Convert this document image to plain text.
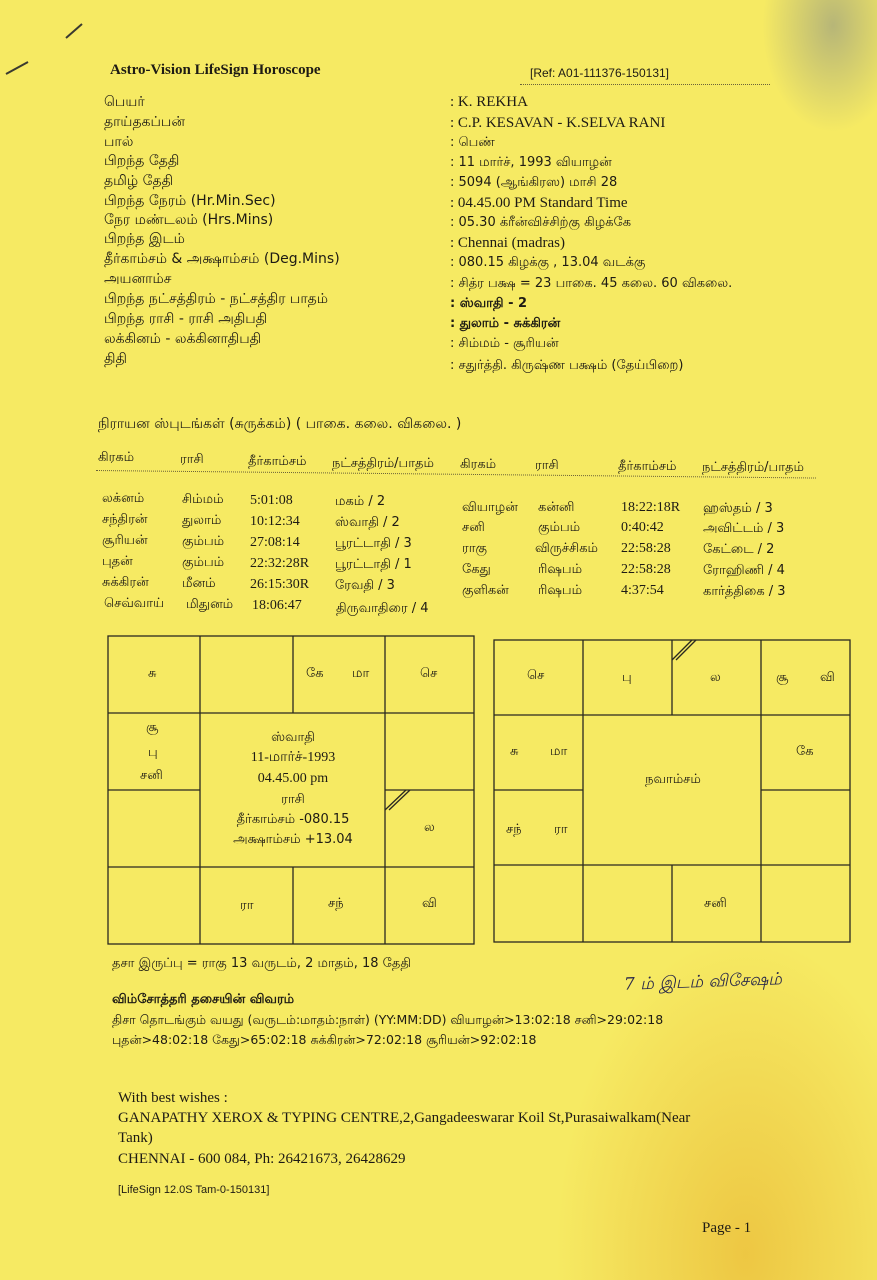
Astro-Vision LifeSign Horoscope	[Ref: A01-111376-150131]
பெயர்	: K. REKHA
தாய்தகப்பன்	: C.P. KESAVAN - K.SELVA RANI
பால்	: பெண்
பிறந்த தேதி	: 11 மார்ச், 1993 வியாழன்
தமிழ் தேதி	: 5094 (ஆங்கிரஸ) மாசி 28
பிறந்த நேரம் (Hr.Min.Sec)	: 04.45.00 PM Standard Time
நேர மண்டலம் (Hrs.Mins)	: 05.30 க்ரீன்விச்சிற்கு கிழக்கே
பிறந்த இடம்	: Chennai (madras)
தீர்காம்சம் & அக்ஷாம்சம் (Deg.Mins)	: 080.15 கிழக்கு , 13.04 வடக்கு
அயனாம்ச	: சித்ர பக்ஷ = 23 பாகை. 45 கலை. 60 விகலை.
பிறந்த நட்சத்திரம் - நட்சத்திர பாதம்	: ஸ்வாதி - 2
பிறந்த ராசி - ராசி அதிபதி	: துலாம் - சுக்கிரன்
லக்கினம் - லக்கினாதிபதி	: சிம்மம் - சூரியன்
திதி	: சதுர்த்தி. கிருஷ்ண பக்ஷம் (தேய்பிறை)
நிராயன ஸ்புடங்கள் (சுருக்கம்) ( பாகை. கலை. விகலை. )
கிரகம்	ராசி	தீர்காம்சம் நட்சத்திரம்/பாதம் கிரகம்	ராசி	தீர்காம்சம் நட்சத்திரம்/பாதம்
லக்னம்	சிம்மம் 5:01:08	மகம் / 2
சந்திரன்	துலாம் 10:12:34	ஸ்வாதி / 2
சூரியன்	கும்பம் 27:08:14	பூரட்டாதி / 3
புதன்	கும்பம் 22:32:28R பூரட்டாதி / 1
சுக்கிரன்	மீனம் 26:15:30R ரேவதி / 3
செவ்வாய் மிதுனம் 18:06:47	திருவாதிரை / 4
வியாழன் கன்னி	18:22:18R ஹஸ்தம் / 3
சனி	கும்பம்	0:40:42	அவிட்டம் / 3
ராகு	விருச்சிகம் 22:58:28 கேட்டை / 2
கேது	ரிஷபம்	22:58:28 ரோஹிணி / 4
குளிகன் ரிஷபம்	4:37:54	கார்த்திகை / 3
சு	கே மா	செ
சூ
பு
சனி
ல
ரா	சந்	வி
ஸ்வாதி
11-மார்ச்-1993
04.45.00 pm
ராசி
தீர்காம்சம் -080.15
அக்ஷாம்சம் +13.04
செ	பு	ல	சூ வி
சு மா	கே
சந் ரா
சனி
நவாம்சம்
தசா இருப்பு = ராகு 13 வருடம், 2 மாதம், 18 தேதி
7 ம் இடம் விசேஷம்
விம்சோத்தரி தசையின் விவரம்
திசா தொடங்கும் வயது (வருடம்:மாதம்:நாள்) (YY:MM:DD) வியாழன்>13:02:18 சனி>29:02:18
புதன்>48:02:18 கேது>65:02:18 சுக்கிரன்>72:02:18 சூரியன்>92:02:18
With best wishes :
GANAPATHY XEROX & TYPING CENTRE,2,Gangadeeswarar Koil St,Purasaiwalkam(Near
Tank)
CHENNAI - 600 084, Ph: 26421673, 26428629
[LifeSign 12.0S Tam-0-150131]
Page - 1
